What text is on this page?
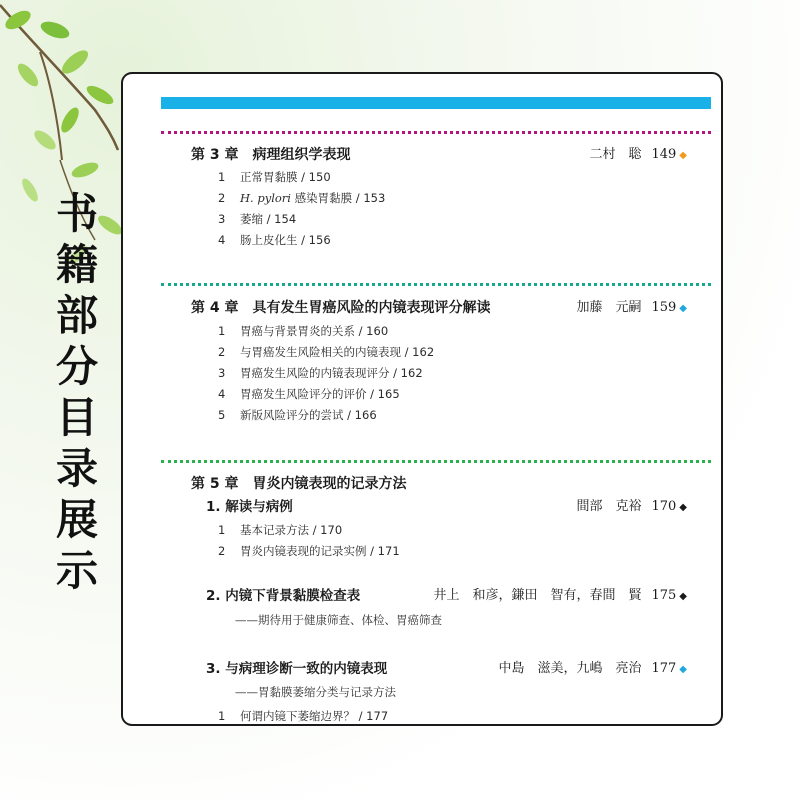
书
籍
部
分
目
录
展
示
第 3 章　病理组织学表现	二村　聡 149 ◆
1 正常胃黏膜 / 150
2 H. pylori 感染胃黏膜 / 153
3 萎缩 / 154
4 肠上皮化生 / 156
第 4 章　具有发生胃癌风险的内镜表现评分解读	加藤　元嗣 159 ◆
1 胃癌与背景胃炎的关系 / 160
2 与胃癌发生风险相关的内镜表现 / 162
3 胃癌发生风险的内镜表现评分 / 162
4 胃癌发生风险评分的评价 / 165
5 新版风险评分的尝试 / 166
第 5 章　胃炎内镜表现的记录方法
1. 解读与病例	間部　克裕 170 ◆
1 基本记录方法 / 170
2 胃炎内镜表现的记录实例 / 171
2. 内镜下背景黏膜检查表	井上　和彦，鎌田　智有，春間　賢 175 ◆
——期待用于健康筛查、体检、胃癌筛查
3. 与病理诊断一致的内镜表现	中島　滋美，九嶋　亮治 177 ◆
——胃黏膜萎缩分类与记录方法
1 何谓内镜下萎缩边界？ / 177
